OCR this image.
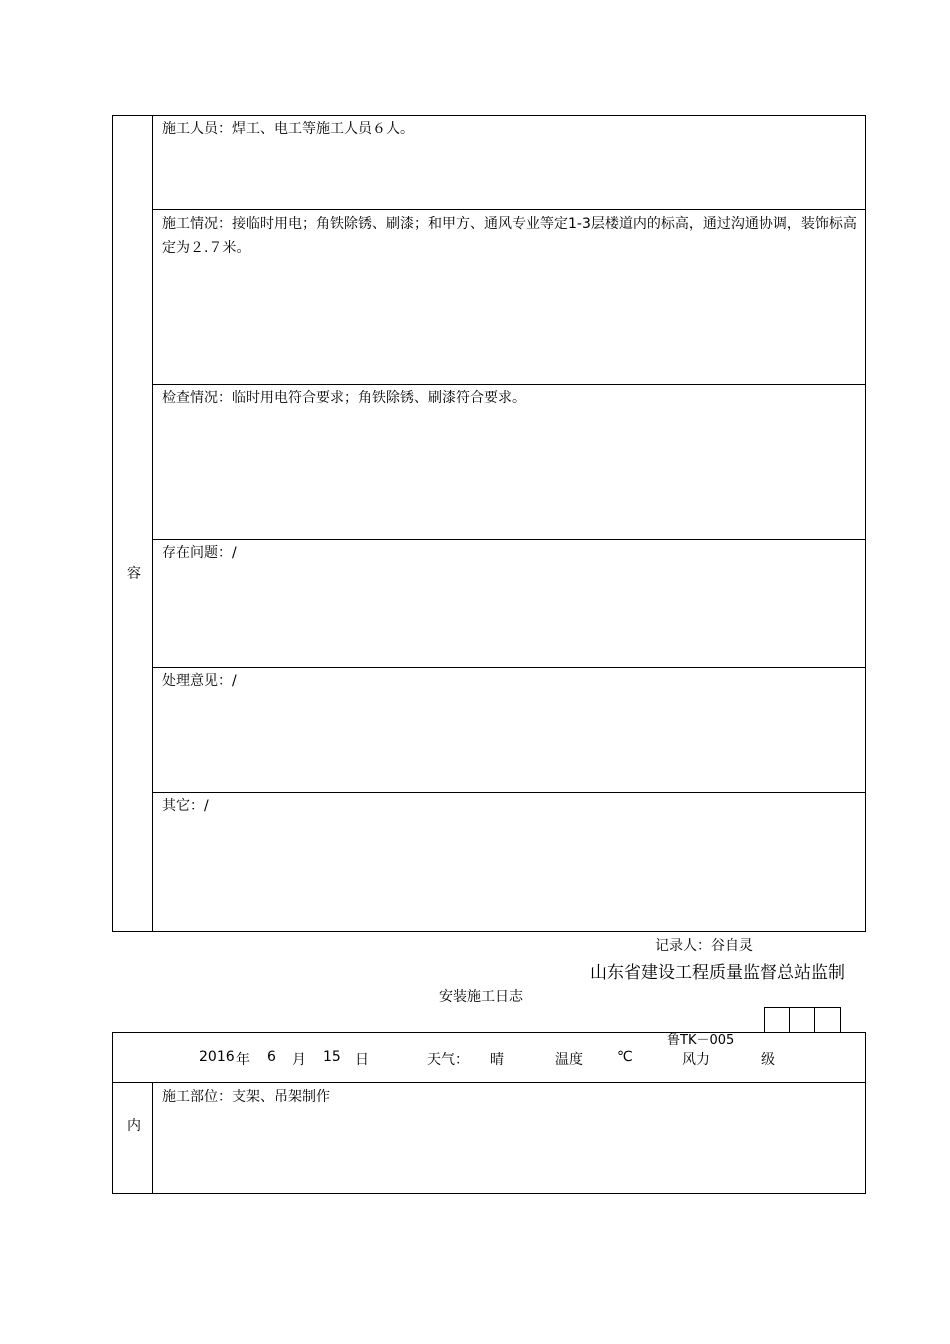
容
施工人员：焊工、电工等施工人员６人。
施工情况：接临时用电；角铁除锈、刷漆；和甲方、通风专业等定1-3层楼道内的标高，通过沟通协调，装饰标高定为２.７米。
检查情况：临时用电符合要求；角铁除锈、刷漆符合要求。
存在问题：/
处理意见：/
其它：/
记录人：谷自灵
山东省建设工程质量监督总站监制
安装施工日志
鲁TK－005
2016 年 6 月 15 日	天气： 晴	温度 ℃	风力	级
内
施工部位：支架、吊架制作
